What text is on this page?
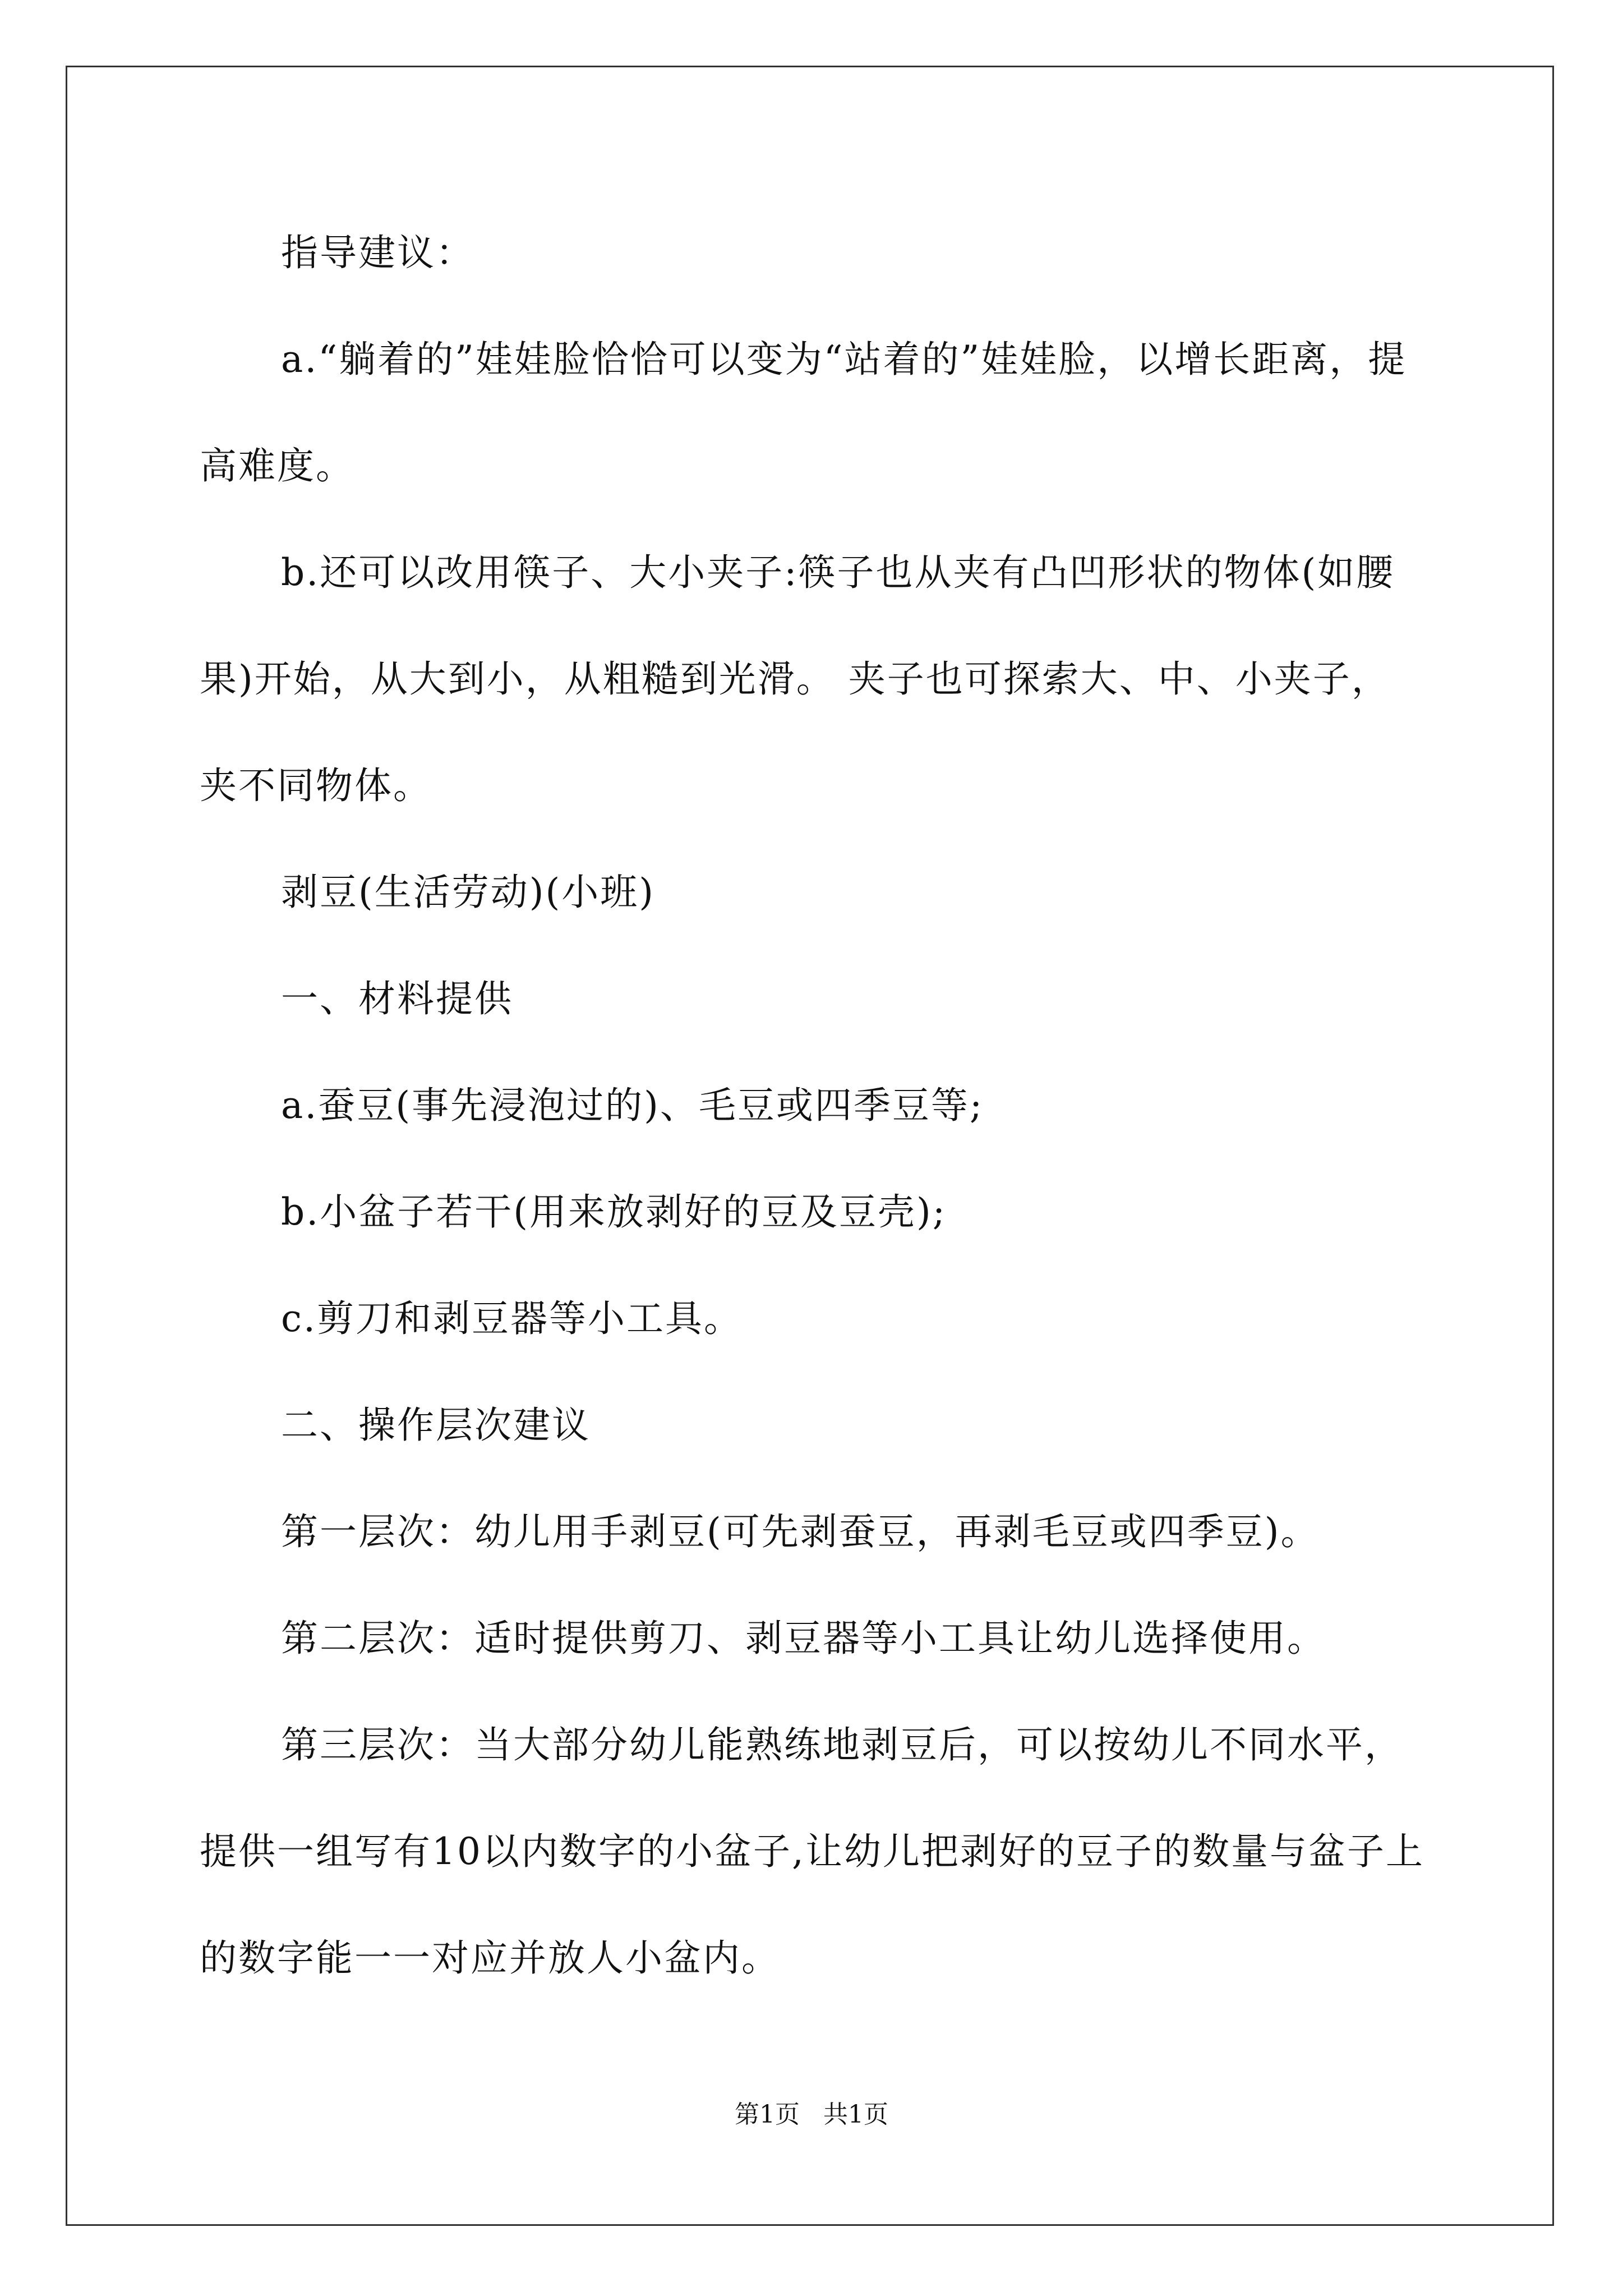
指导建议：

a.“躺着的”娃娃脸恰恰可以变为“站着的”娃娃脸，以增长距离，提高难度。

b.还可以改用筷子、大小夹子:筷子也从夹有凸凹形状的物体(如腰果)开始，从大到小，从粗糙到光滑。 夹子也可探索大、中、小夹子，夹不同物体。

剥豆(生活劳动)(小班)

一、材料提供

a.蚕豆(事先浸泡过的)、毛豆或四季豆等;

b.小盆子若干(用来放剥好的豆及豆壳);

c.剪刀和剥豆器等小工具。

二、操作层次建议

第一层次：幼儿用手剥豆(可先剥蚕豆，再剥毛豆或四季豆)。

第二层次：适时提供剪刀、剥豆器等小工具让幼儿选择使用。

第三层次：当大部分幼儿能熟练地剥豆后，可以按幼儿不同水平，提供一组写有10以内数字的小盆子,让幼儿把剥好的豆子的数量与盆子上的数字能一一对应并放人小盆内。

第1页 共1页
